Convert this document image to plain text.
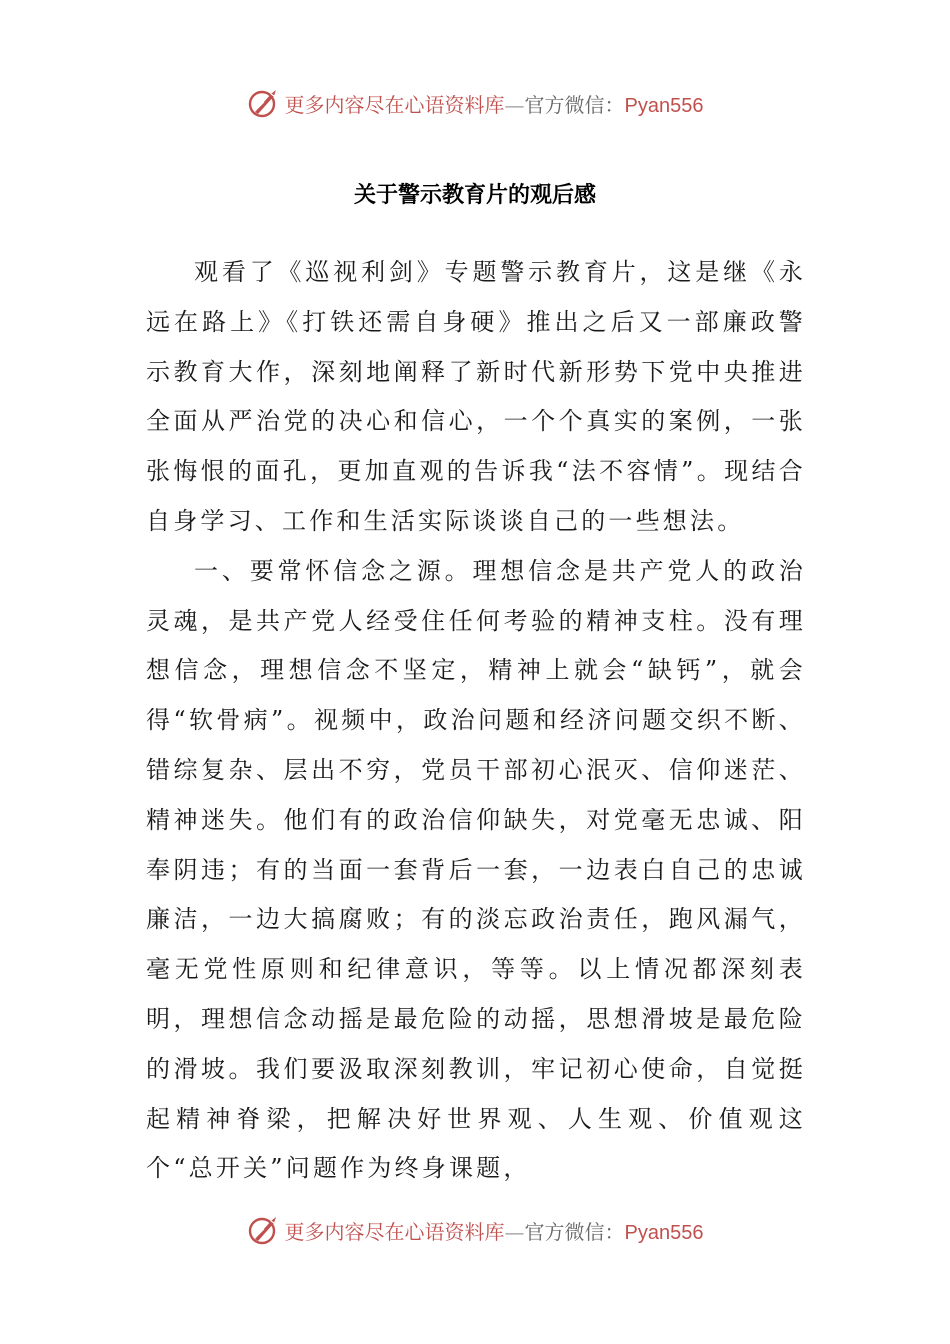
更多内容尽在心语资料库—官方微信：Pyan556
关于警示教育片的观后感

观看了《巡视利剑》专题警示教育片，这是继《永远在路上》《打铁还需自身硬》推出之后又一部廉政警示教育大作，深刻地阐释了新时代新形势下党中央推进全面从严治党的决心和信心，一个个真实的案例，一张张悔恨的面孔，更加直观的告诉我“法不容情”。现结合自身学习、工作和生活实际谈谈自己的一些想法。

一、要常怀信念之源。理想信念是共产党人的政治灵魂，是共产党人经受住任何考验的精神支柱。没有理想信念，理想信念不坚定，精神上就会“缺钙”，就会得“软骨病”。视频中，政治问题和经济问题交织不断、错综复杂、层出不穷，党员干部初心泯灭、信仰迷茫、精神迷失。他们有的政治信仰缺失，对党毫无忠诚、阳奉阴违；有的当面一套背后一套，一边表白自己的忠诚廉洁，一边大搞腐败；有的淡忘政治责任，跑风漏气，毫无党性原则和纪律意识，等等。以上情况都深刻表明，理想信念动摇是最危险的动摇，思想滑坡是最危险的滑坡。我们要汲取深刻教训，牢记初心使命，自觉挺起精神脊梁，把解决好世界观、人生观、价值观这个“总开关”问题作为终身课题，

更多内容尽在心语资料库—官方微信：Pyan556
